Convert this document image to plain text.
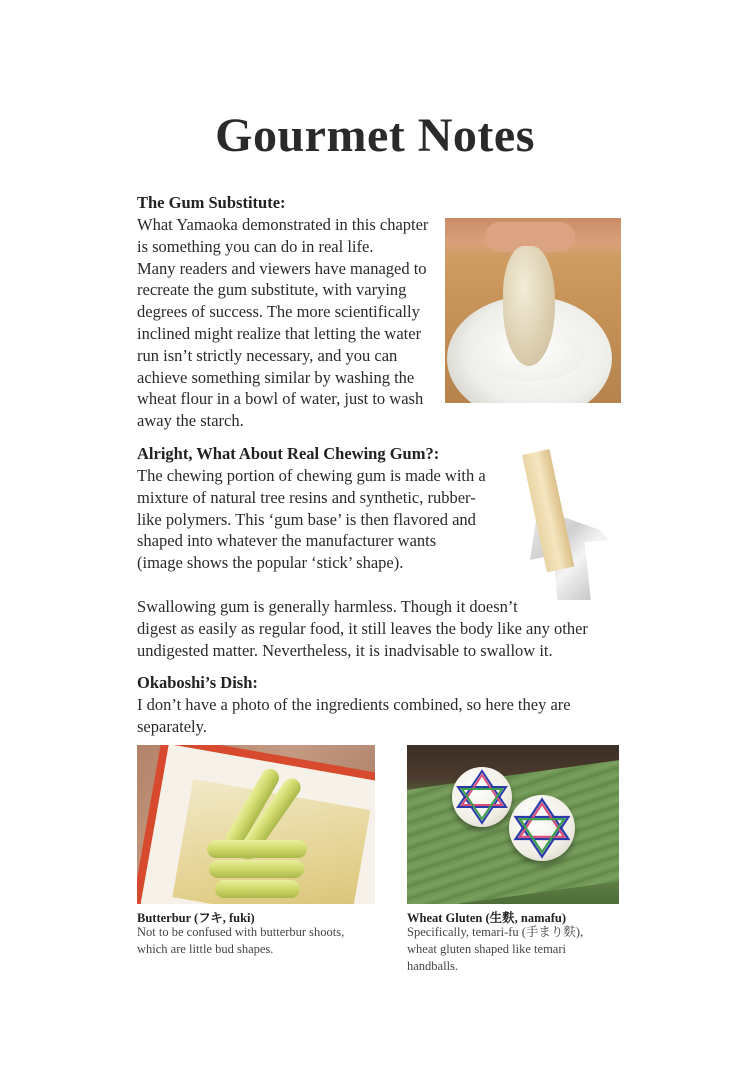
Gourmet Notes
The Gum Substitute:
What Yamaoka demonstrated in this chapter
is something you can do in real life.
Many readers and viewers have managed to
recreate the gum substitute, with varying
degrees of success. The more scientifically
inclined might realize that letting the water
run isn’t strictly necessary, and you can
achieve something similar by washing the
wheat flour in a bowl of water, just to wash
away the starch.
Alright, What About Real Chewing Gum?:
The chewing portion of chewing gum is made with a
mixture of natural tree resins and synthetic, rubber-
like polymers. This ‘gum base’ is then flavored and
shaped into whatever the manufacturer wants
(image shows the popular ‘stick’ shape).
Swallowing gum is generally harmless. Though it doesn’t
digest as easily as regular food, it still leaves the body like any other
undigested matter. Nevertheless, it is inadvisable to swallow it.
Okaboshi’s Dish:
I don’t have a photo of the ingredients combined, so here they are
separately.
Butterbur (フキ, fuki)
Not to be confused with butterbur shoots,
which are little bud shapes.
Wheat Gluten (生麩, namafu)
Specifically, temari-fu (手まり麩),
wheat gluten shaped like temari
handballs.
